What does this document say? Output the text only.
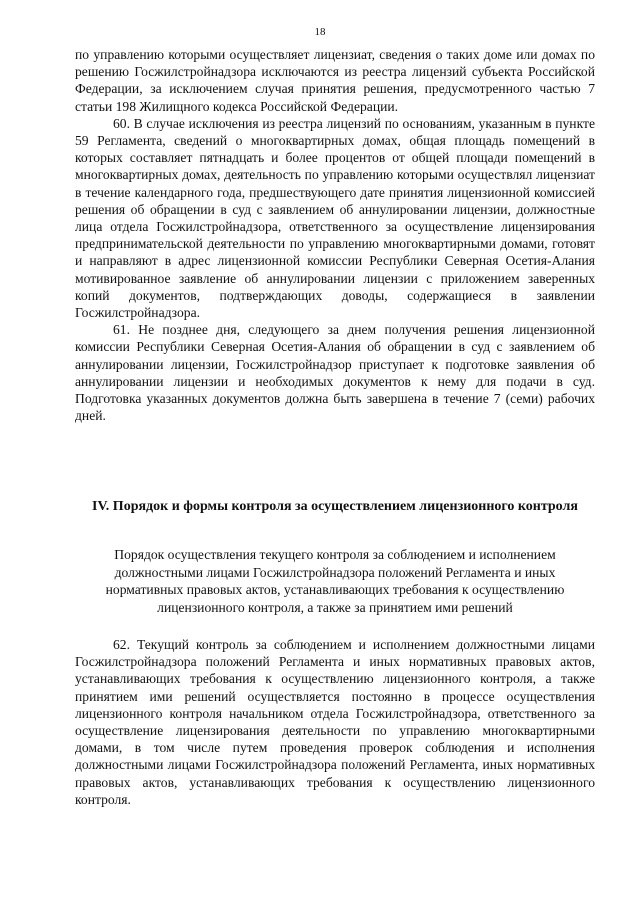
18

по управлению которыми осуществляет лицензиат, сведения о таких доме или домах по решению Госжилстройнадзора исключаются из реестра лицензий субъекта Российской Федерации, за исключением случая принятия решения, предусмотренного частью 7 статьи 198 Жилищного кодекса Российской Федерации.

60. В случае исключения из реестра лицензий по основаниям, указанным в пункте 59 Регламента, сведений о многоквартирных домах, общая площадь помещений в которых составляет пятнадцать и более процентов от общей площади помещений в многоквартирных домах, деятельность по управлению которыми осуществлял лицензиат в течение календарного года, предшествующего дате принятия лицензионной комиссией решения об обращении в суд с заявлением об аннулировании лицензии, должностные лица отдела Госжилстройнадзора, ответственного за осуществление лицензирования предпринимательской деятельности по управлению многоквартирными домами, готовят и направляют в адрес лицензионной комиссии Республики Северная Осетия-Алания мотивированное заявление об аннулировании лицензии с приложением заверенных копий документов, подтверждающих доводы, содержащиеся в заявлении Госжилстройнадзора.

61. Не позднее дня, следующего за днем получения решения лицензионной комиссии Республики Северная Осетия-Алания об обращении в суд с заявлением об аннулировании лицензии, Госжилстройнадзор приступает к подготовке заявления об аннулировании лицензии и необходимых документов к нему для подачи в суд. Подготовка указанных документов должна быть завершена в течение 7 (семи) рабочих дней.

IV. Порядок и формы контроля за осуществлением лицензионного контроля

Порядок осуществления текущего контроля за соблюдением и исполнением должностными лицами Госжилстройнадзора положений Регламента и иных нормативных правовых актов, устанавливающих требования к осуществлению лицензионного контроля, а также за принятием ими решений

62. Текущий контроль за соблюдением и исполнением должностными лицами Госжилстройнадзора положений Регламента и иных нормативных правовых актов, устанавливающих требования к осуществлению лицензионного контроля, а также принятием ими решений осуществляется постоянно в процессе осуществления лицензионного контроля начальником отдела Госжилстройнадзора, ответственного за осуществление лицензирования деятельности по управлению многоквартирными домами, в том числе путем проведения проверок соблюдения и исполнения должностными лицами Госжилстройнадзора положений Регламента, иных нормативных правовых актов, устанавливающих требования к осуществлению лицензионного контроля.
